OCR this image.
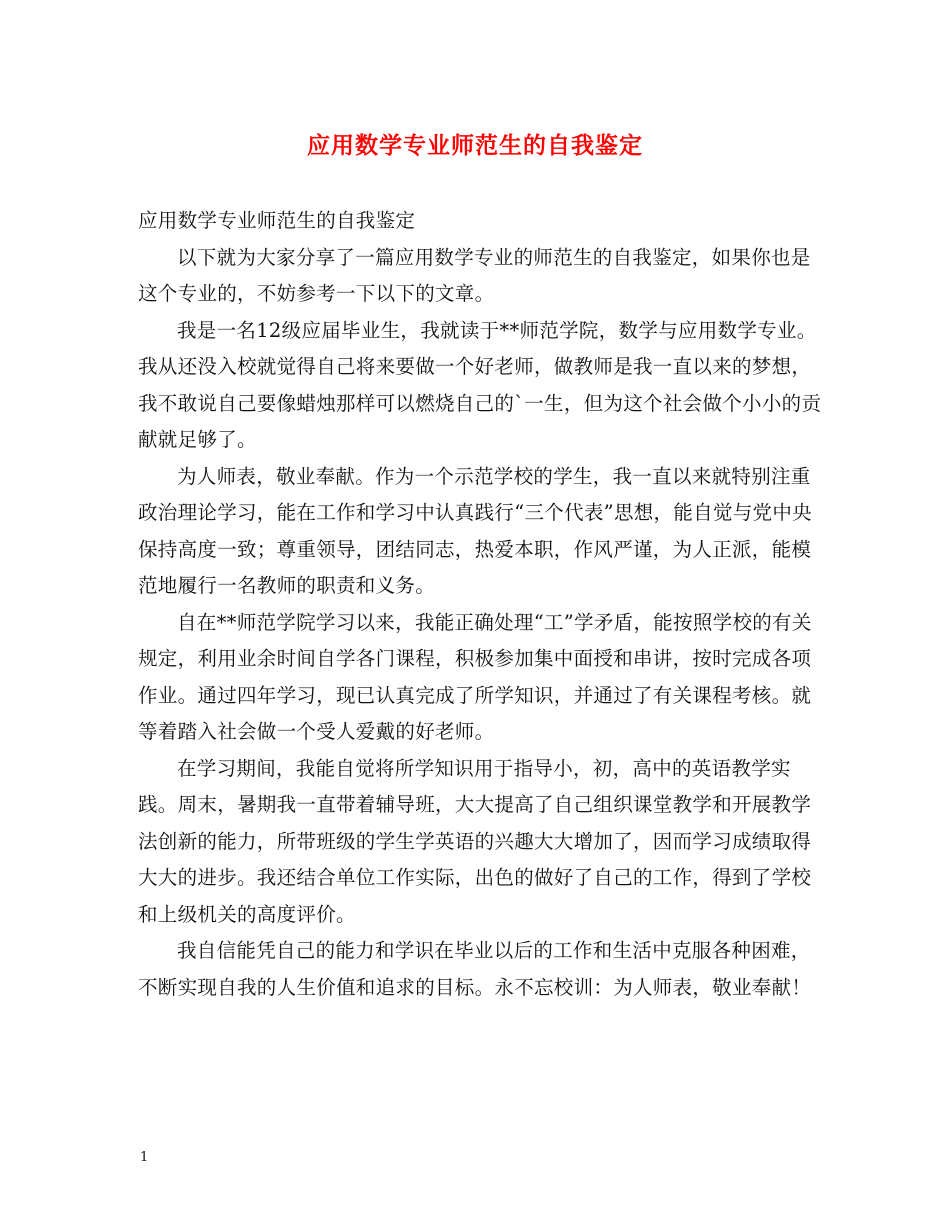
应用数学专业师范生的自我鉴定

应用数学专业师范生的自我鉴定

以下就为大家分享了一篇应用数学专业的师范生的自我鉴定，如果你也是这个专业的，不妨参考一下以下的文章。

我是一名12级应届毕业生，我就读于**师范学院，数学与应用数学专业。我从还没入校就觉得自己将来要做一个好老师，做教师是我一直以来的梦想，我不敢说自己要像蜡烛那样可以燃烧自己的`一生，但为这个社会做个小小的贡献就足够了。

为人师表，敬业奉献。作为一个示范学校的学生，我一直以来就特别注重政治理论学习，能在工作和学习中认真践行“三个代表”思想，能自觉与党中央保持高度一致；尊重领导，团结同志，热爱本职，作风严谨，为人正派，能模范地履行一名教师的职责和义务。

自在**师范学院学习以来，我能正确处理“工”学矛盾，能按照学校的有关规定，利用业余时间自学各门课程，积极参加集中面授和串讲，按时完成各项作业。通过四年学习，现已认真完成了所学知识，并通过了有关课程考核。就等着踏入社会做一个受人爱戴的好老师。

在学习期间，我能自觉将所学知识用于指导小，初，高中的英语教学实践。周末，暑期我一直带着辅导班，大大提高了自己组织课堂教学和开展教学法创新的能力，所带班级的学生学英语的兴趣大大增加了，因而学习成绩取得大大的进步。我还结合单位工作实际，出色的做好了自己的工作，得到了学校和上级机关的高度评价。

我自信能凭自己的能力和学识在毕业以后的工作和生活中克服各种困难，不断实现自我的人生价值和追求的目标。永不忘校训：为人师表，敬业奉献！

1
